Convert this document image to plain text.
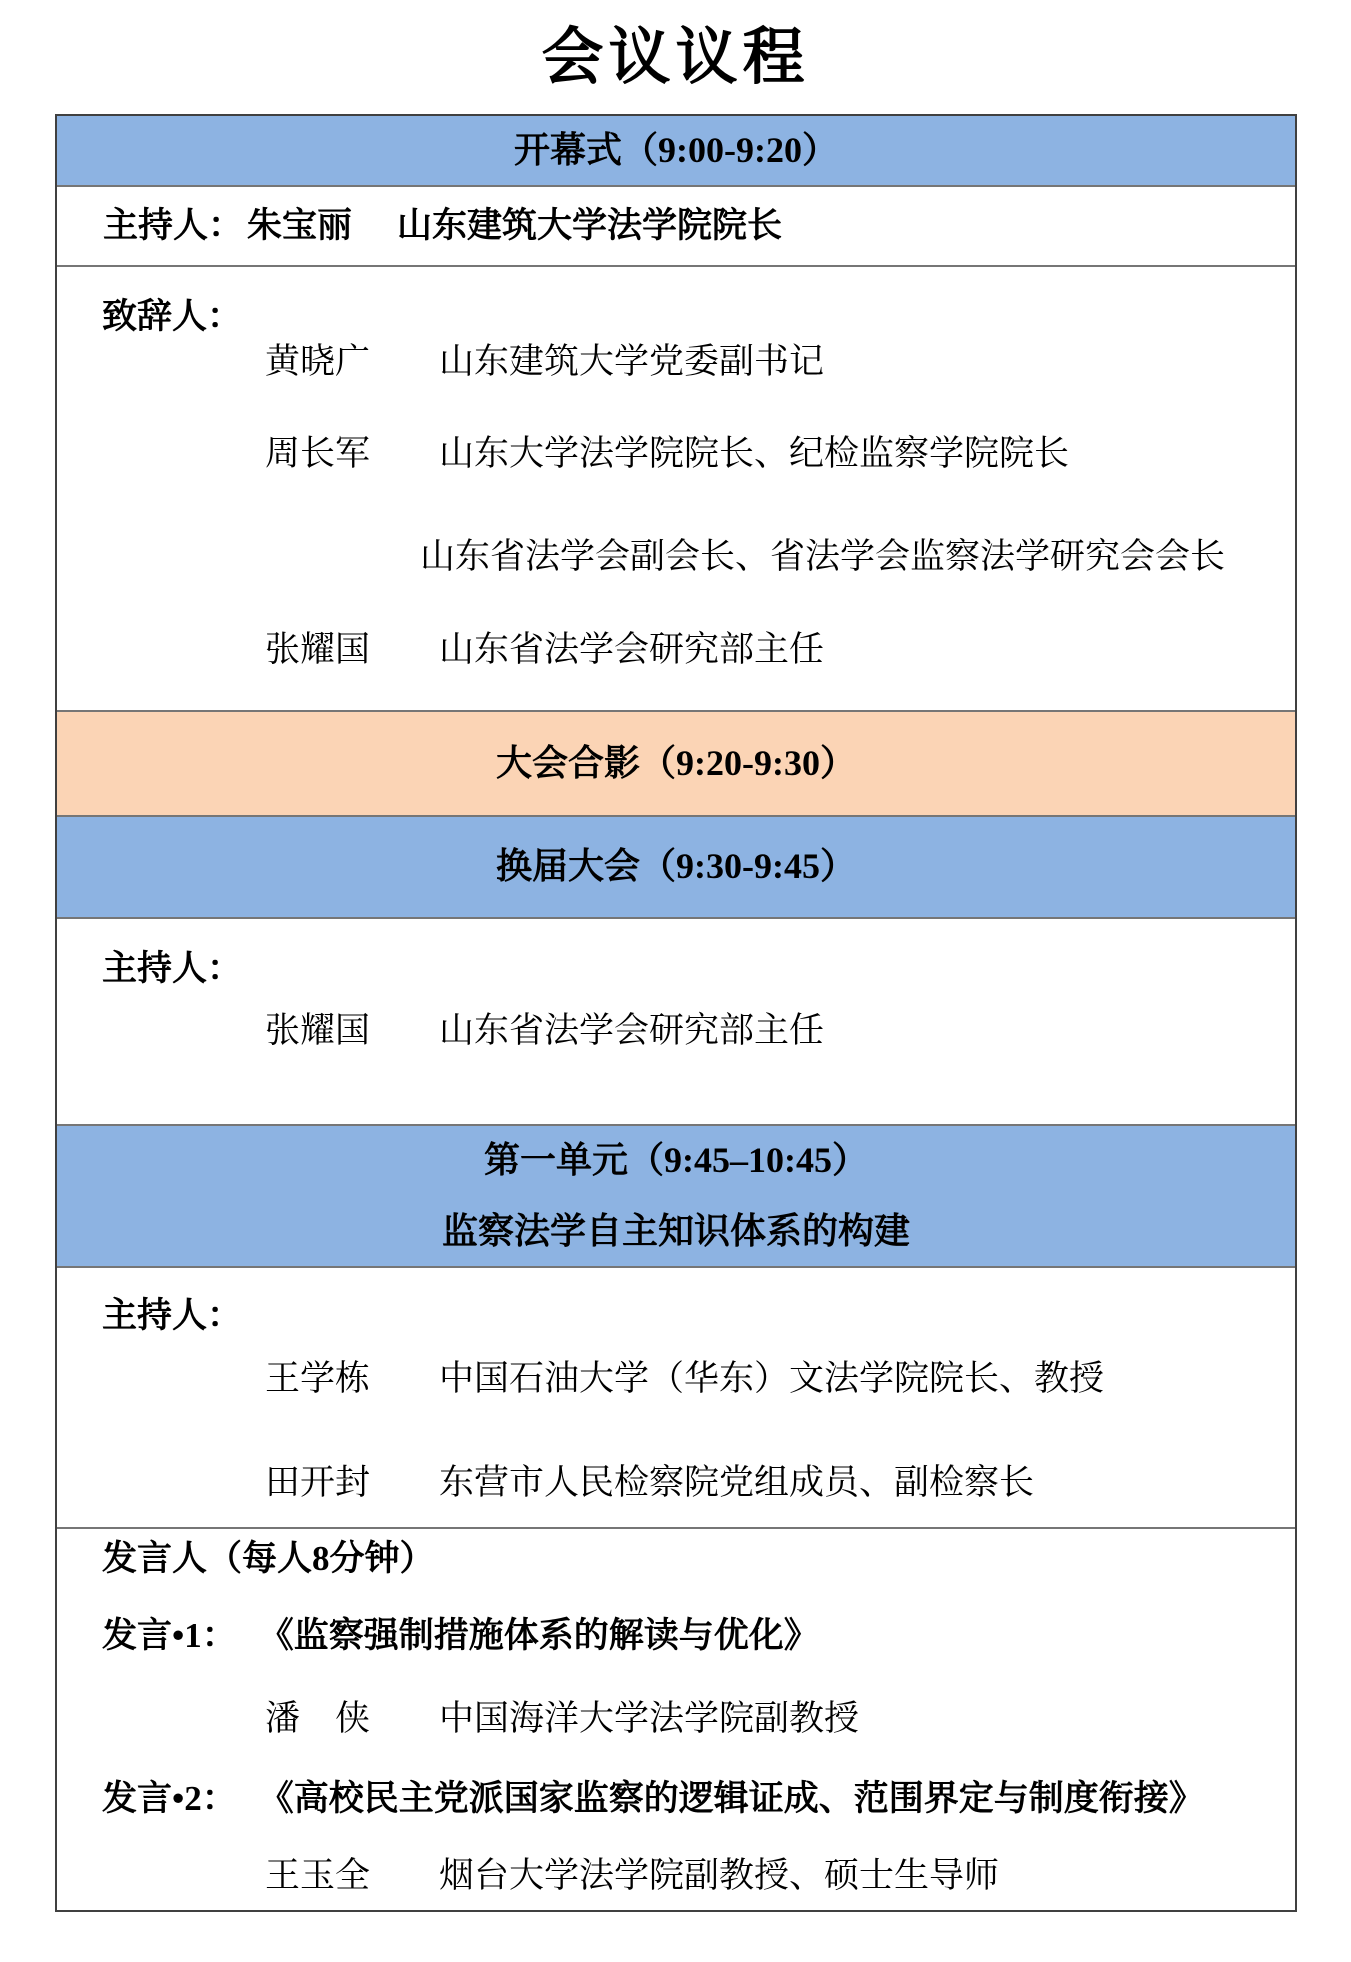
会议议程
开幕式（9:00-9:20）
主持人： 朱宝丽 山东建筑大学法学院院长
致辞人：
黄晓广 山东建筑大学党委副书记
周长军 山东大学法学院院长、纪检监察学院院长
山东省法学会副会长、省法学会监察法学研究会会长
张耀国 山东省法学会研究部主任
大会合影（9:20-9:30）
换届大会（9:30-9:45）
主持人：
张耀国 山东省法学会研究部主任
第一单元（9:45–10:45）
监察法学自主知识体系的构建
主持人：
王学栋 中国石油大学（华东）文法学院院长、教授
田开封 东营市人民检察院党组成员、副检察长
发言人（每人8分钟）
发言•1： 《监察强制措施体系的解读与优化》
潘　侠 中国海洋大学法学院副教授
发言•2： 《高校民主党派国家监察的逻辑证成、范围界定与制度衔接》
王玉全 烟台大学法学院副教授、硕士生导师
